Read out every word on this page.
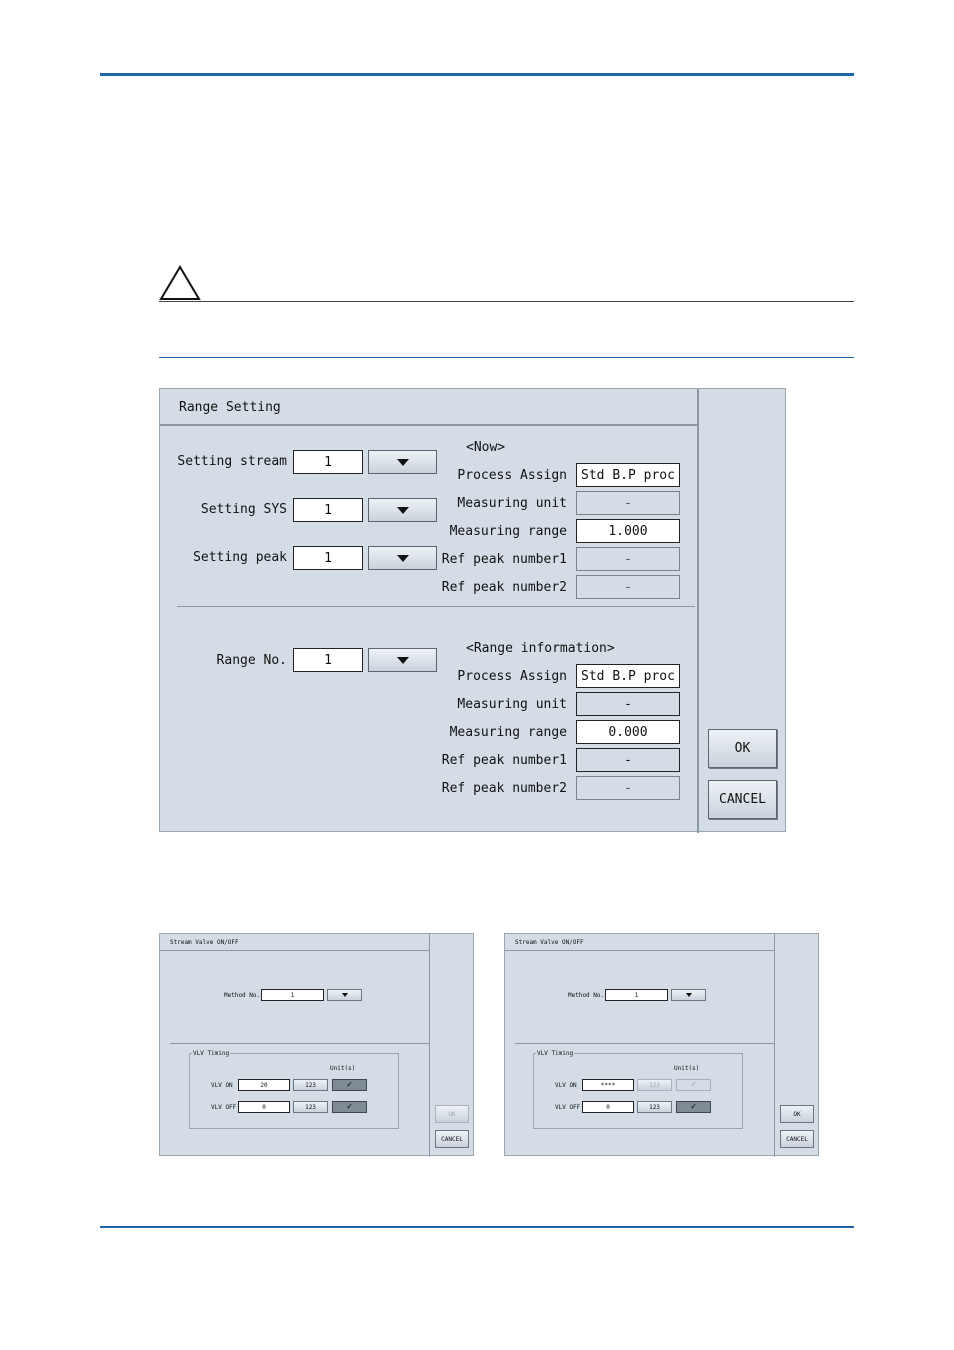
Range Setting
Setting stream	1
Setting SYS	1
Setting peak	1
Range No.	1
<Now>
Process Assign	Std B.P proc
Measuring unit	-
Measuring range	1.000
Ref peak number1	-
Ref peak number2	-
<Range information>
Process Assign	Std B.P proc
Measuring unit	-
Measuring range	0.000
Ref peak number1	-
Ref peak number2	-
OK
CANCEL
Stream Valve ON/OFF
Method No.	1
VLV Timing
Unit(s)
VLV ON	20	123	✓
VLV OFF	0	123	✓
OK
CANCEL
Stream Valve ON/OFF
Method No.	1
VLV Timing
Unit(s)
VLV ON	****	123	✓
VLV OFF	0	123	✓
OK
CANCEL
